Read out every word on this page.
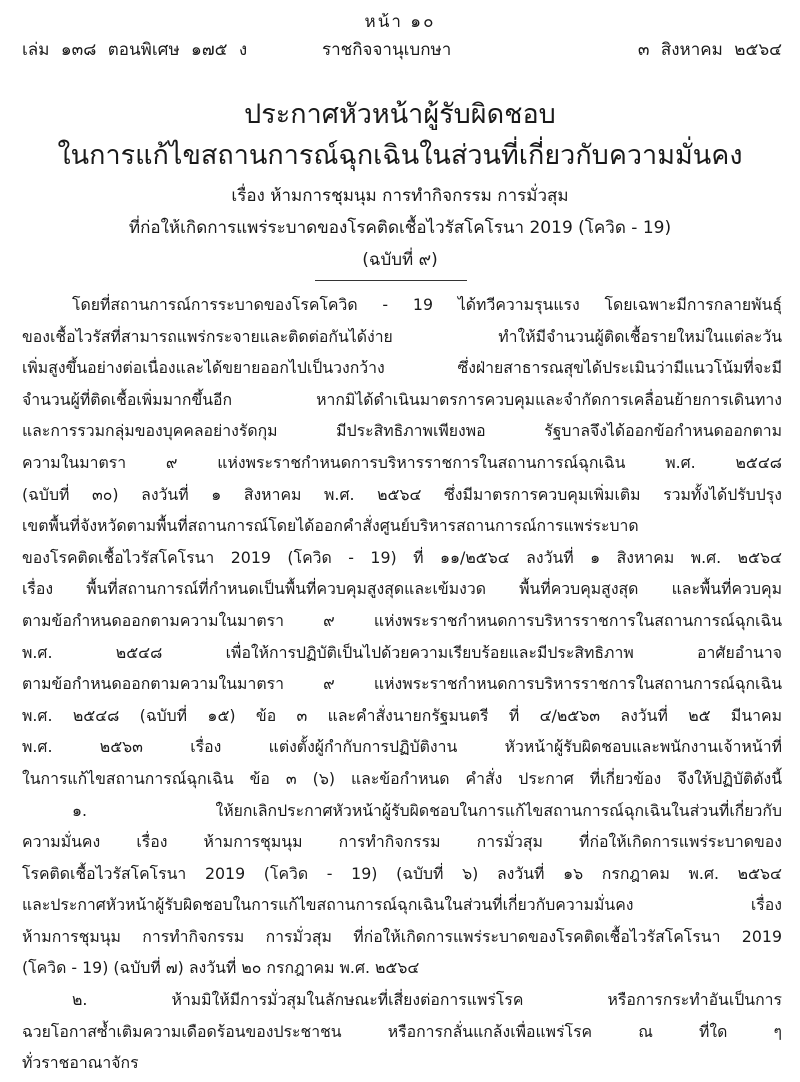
หน้า ๑๐
เล่ม ๑๓๘ ตอนพิเศษ ๑๗๕ ง	ราชกิจจานุเบกษา	๓ สิงหาคม ๒๕๖๔
ประกาศหัวหน้าผู้รับผิดชอบ
ในการแก้ไขสถานการณ์ฉุกเฉินในส่วนที่เกี่ยวกับความมั่นคง
เรื่อง ห้ามการชุมนุม การทำกิจกรรม การมั่วสุม
ที่ก่อให้เกิดการแพร่ระบาดของโรคติดเชื้อไวรัสโคโรนา 2019 (โควิด - 19)
(ฉบับที่ ๙)
โดยที่สถานการณ์การระบาดของโรคโควิด - 19 ได้ทวีความรุนแรง โดยเฉพาะมีการกลายพันธุ์
ของเชื้อไวรัสที่สามารถแพร่กระจายและติดต่อกันได้ง่าย ทำให้มีจำนวนผู้ติดเชื้อรายใหม่ในแต่ละวัน
เพิ่มสูงขึ้นอย่างต่อเนื่องและได้ขยายออกไปเป็นวงกว้าง ซึ่งฝ่ายสาธารณสุขได้ประเมินว่ามีแนวโน้มที่จะมี
จำนวนผู้ที่ติดเชื้อเพิ่มมากขึ้นอีก หากมิได้ดำเนินมาตรการควบคุมและจำกัดการเคลื่อนย้ายการเดินทาง
และการรวมกลุ่มของบุคคลอย่างรัดกุม มีประสิทธิภาพเพียงพอ รัฐบาลจึงได้ออกข้อกำหนดออกตาม
ความในมาตรา ๙ แห่งพระราชกำหนดการบริหารราชการในสถานการณ์ฉุกเฉิน พ.ศ. ๒๕๔๘
(ฉบับที่ ๓๐) ลงวันที่ ๑ สิงหาคม พ.ศ. ๒๕๖๔ ซึ่งมีมาตรการควบคุมเพิ่มเติม รวมทั้งได้ปรับปรุง
เขตพื้นที่จังหวัดตามพื้นที่สถานการณ์โดยได้ออกคำสั่งศูนย์บริหารสถานการณ์การแพร่ระบาด
ของโรคติดเชื้อไวรัสโคโรนา 2019 (โควิด - 19) ที่ ๑๑/๒๕๖๔ ลงวันที่ ๑ สิงหาคม พ.ศ. ๒๕๖๔
เรื่อง พื้นที่สถานการณ์ที่กำหนดเป็นพื้นที่ควบคุมสูงสุดและเข้มงวด พื้นที่ควบคุมสูงสุด และพื้นที่ควบคุม
ตามข้อกำหนดออกตามความในมาตรา ๙ แห่งพระราชกำหนดการบริหารราชการในสถานการณ์ฉุกเฉิน
พ.ศ. ๒๕๔๘ เพื่อให้การปฏิบัติเป็นไปด้วยความเรียบร้อยและมีประสิทธิภาพ อาศัยอำนาจ
ตามข้อกำหนดออกตามความในมาตรา ๙ แห่งพระราชกำหนดการบริหารราชการในสถานการณ์ฉุกเฉิน
พ.ศ. ๒๕๔๘ (ฉบับที่ ๑๕) ข้อ ๓ และคำสั่งนายกรัฐมนตรี ที่ ๔/๒๕๖๓ ลงวันที่ ๒๕ มีนาคม
พ.ศ. ๒๕๖๓ เรื่อง แต่งตั้งผู้กำกับการปฏิบัติงาน หัวหน้าผู้รับผิดชอบและพนักงานเจ้าหน้าที่
ในการแก้ไขสถานการณ์ฉุกเฉิน ข้อ ๓ (๖) และข้อกำหนด คำสั่ง ประกาศ ที่เกี่ยวข้อง จึงให้ปฏิบัติดังนี้
๑. ให้ยกเลิกประกาศหัวหน้าผู้รับผิดชอบในการแก้ไขสถานการณ์ฉุกเฉินในส่วนที่เกี่ยวกับ
ความมั่นคง เรื่อง ห้ามการชุมนุม การทำกิจกรรม การมั่วสุม ที่ก่อให้เกิดการแพร่ระบาดของ
โรคติดเชื้อไวรัสโคโรนา 2019 (โควิด - 19) (ฉบับที่ ๖) ลงวันที่ ๑๖ กรกฎาคม พ.ศ. ๒๕๖๔
และประกาศหัวหน้าผู้รับผิดชอบในการแก้ไขสถานการณ์ฉุกเฉินในส่วนที่เกี่ยวกับความมั่นคง เรื่อง
ห้ามการชุมนุม การทำกิจกรรม การมั่วสุม ที่ก่อให้เกิดการแพร่ระบาดของโรคติดเชื้อไวรัสโคโรนา 2019
(โควิด - 19) (ฉบับที่ ๗) ลงวันที่ ๒๐ กรกฎาคม พ.ศ. ๒๕๖๔
๒. ห้ามมิให้มีการมั่วสุมในลักษณะที่เสี่ยงต่อการแพร่โรค หรือการกระทำอันเป็นการ
ฉวยโอกาสซ้ำเติมความเดือดร้อนของประชาชน หรือการกลั่นแกล้งเพื่อแพร่โรค ณ ที่ใด ๆ
ทั่วราชอาณาจักร
